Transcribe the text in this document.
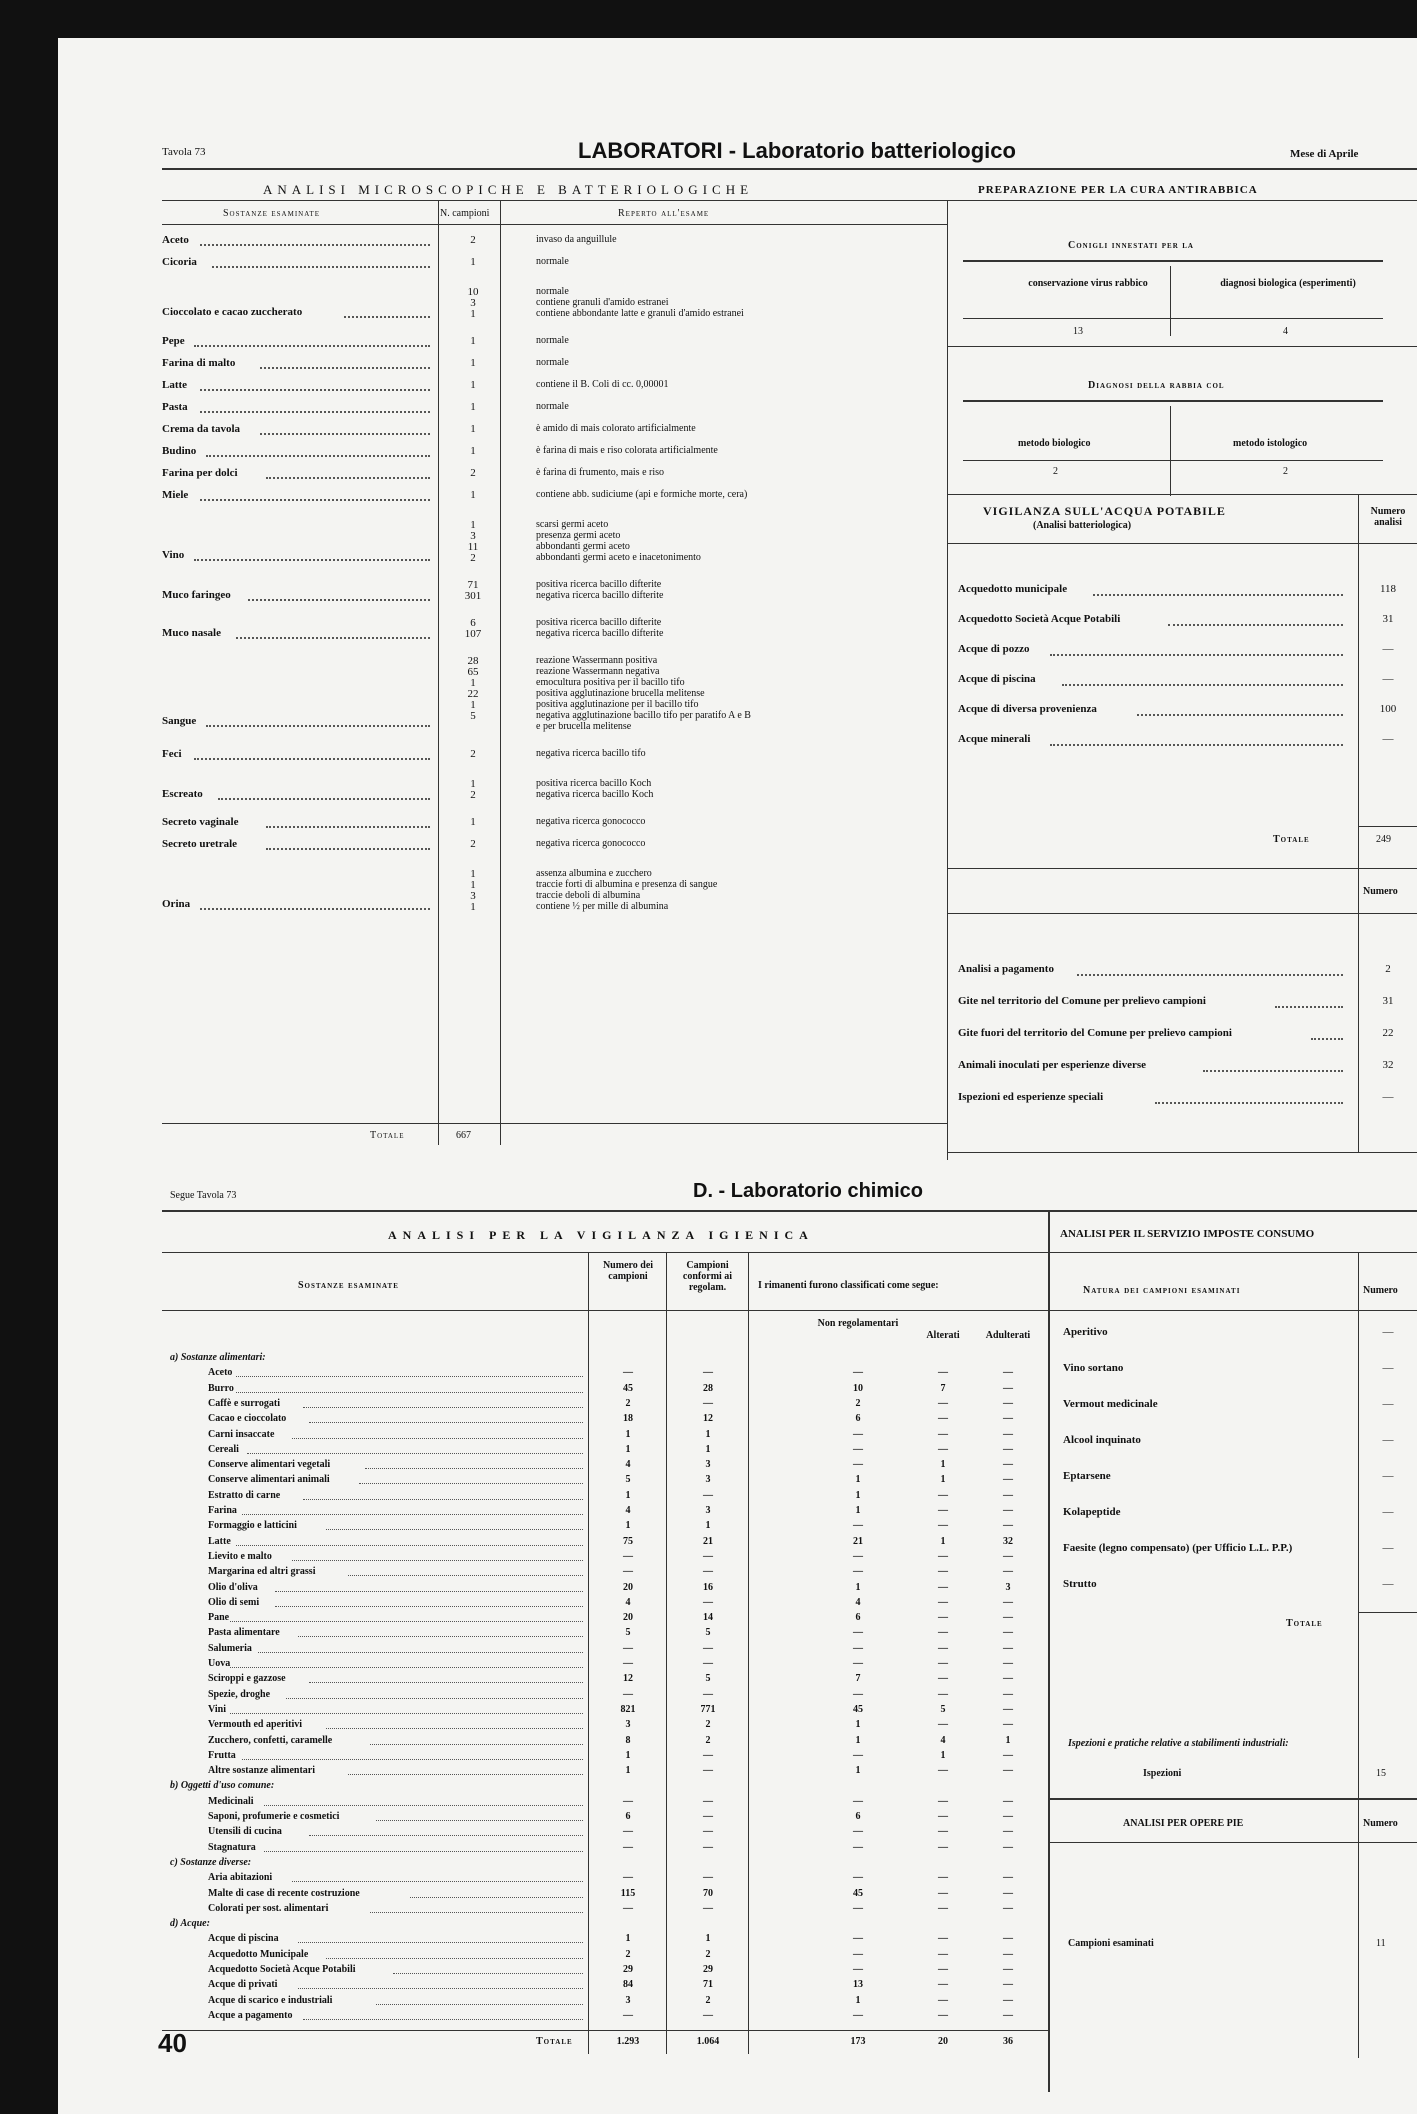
Tavola 73	LABORATORI - Laboratorio batteriologico	Mese di Aprile
ANALISI MICROSCOPICHE E BATTERIOLOGICHE	PREPARAZIONE PER LA CURA ANTIRABBICA
Sostanze esaminate	N. campioni	Reperto all'esame
Aceto	2	invaso da anguillule
Cicoria	1	normale
Cioccolato e cacao zuccherato
10	normale
3	contiene granuli d'amido estranei
1	contiene abbondante latte e granuli d'amido estranei
Pepe	1	normale
Farina di malto	1	normale
Latte	1	contiene il B. Coli di cc. 0,00001
Pasta	1	normale
Crema da tavola	1	è amido di mais colorato artificialmente
Budino	1	è farina di mais e riso colorata artificialmente
Farina per dolci	2	è farina di frumento, mais e riso
Miele	1	contiene abb. sudiciume (api e formiche morte, cera)
Vino
1	scarsi germi aceto
3	presenza germi aceto
11	abbondanti germi aceto
2	abbondanti germi aceto e inacetonimento
Muco faringeo
71	positiva ricerca bacillo difterite
301	negativa ricerca bacillo difterite
Muco nasale
6	positiva ricerca bacillo difterite
107	negativa ricerca bacillo difterite
Sangue
28	reazione Wassermann positiva
65	reazione Wassermann negativa
1	emocultura positiva per il bacillo tifo
22	positiva agglutinazione brucella melitense
1	positiva agglutinazione per il bacillo tifo
5	negativa agglutinazione bacillo tifo per paratifo A e B
e per brucella melitense
Feci	2	negativa ricerca bacillo tifo
Escreato
1	positiva ricerca bacillo Koch
2	negativa ricerca bacillo Koch
Secreto vaginale	1	negativa ricerca gonococco
Secreto uretrale	2	negativa ricerca gonococco
Orina
1	assenza albumina e zucchero
1	traccie forti di albumina e presenza di sangue
3	traccie deboli di albumina
1	contiene ½ per mille di albumina
Totale	667
Conigli innestati per la
conservazione virus rabbico	diagnosi biologica (esperimenti)
13	4
Diagnosi della rabbia col
metodo biologico	metodo istologico
2	2
VIGILANZA SULL'ACQUA POTABILE
(Analisi batteriologica)
Numero analisi
Acquedotto municipale	118
Acquedotto Società Acque Potabili	31
Acque di pozzo	—
Acque di piscina	—
Acque di diversa provenienza	100
Acque minerali	—
Totale	249
Numero
Analisi a pagamento	2
Gite nel territorio del Comune per prelievo campioni	31
Gite fuori del territorio del Comune per prelievo campioni	22
Animali inoculati per esperienze diverse	32
Ispezioni ed esperienze speciali	—
Segue Tavola 73	D. - Laboratorio chimico
ANALISI PER LA VIGILANZA IGIENICA	ANALISI PER IL SERVIZIO IMPOSTE CONSUMO
Sostanze esaminate
Numero dei campioni
Campioni conformi ai regolam.	I rimanenti furono classificati come segue:
Non regolamentari
Alterati	Adulterati
a) Sostanze alimentari:
Aceto	—	—	—	—	—
Burro	45	28	10	7	—
Caffè e surrogati	2	—	2	—	—
Cacao e cioccolato	18	12	6	—	—
Carni insaccate	1	1	—	—	—
Cereali	1	1	—	—	—
Conserve alimentari vegetali	4	3	—	1	—
Conserve alimentari animali	5	3	1	1	—
Estratto di carne	1	—	1	—	—
Farina	4	3	1	—	—
Formaggio e latticini	1	1	—	—	—
Latte	75	21	21	1	32
Lievito e malto	—	—	—	—	—
Margarina ed altri grassi	—	—	—	—	—
Olio d'oliva	20	16	1	—	3
Olio di semi	4	—	4	—	—
Pane	20	14	6	—	—
Pasta alimentare	5	5	—	—	—
Salumeria	—	—	—	—	—
Uova	—	—	—	—	—
Sciroppi e gazzose	12	5	7	—	—
Spezie, droghe	—	—	—	—	—
Vini	821	771	45	5	—
Vermouth ed aperitivi	3	2	1	—	—
Zucchero, confetti, caramelle	8	2	1	4	1
Frutta	1	—	—	1	—
Altre sostanze alimentari	1	—	1	—	—
b) Oggetti d'uso comune:
Medicinali	—	—	—	—	—
Saponi, profumerie e cosmetici	6	—	6	—	—
Utensili di cucina	—	—	—	—	—
Stagnatura	—	—	—	—	—
c) Sostanze diverse:
Aria abitazioni	—	—	—	—	—
Malte di case di recente costruzione	115	70	45	—	—
Colorati per sost. alimentari	—	—	—	—	—
d) Acque:
Acque di piscina	1	1	—	—	—
Acquedotto Municipale	2	2	—	—	—
Acquedotto Società Acque Potabili	29	29	—	—	—
Acque di privati	84	71	13	—	—
Acque di scarico e industriali	3	2	1	—	—
Acque a pagamento	—	—	—	—	—
Totale	1.293	1.064	173	20	36
Natura dei campioni esaminati	Numero
Aperitivo	—
Vino sortano	—
Vermout medicinale	—
Alcool inquinato	—
Eptarsene	—
Kolapeptide	—
Faesite (legno compensato) (per Ufficio L.L. P.P.)	—
Strutto	—
Totale
Ispezioni e pratiche relative a stabilimenti industriali:
Ispezioni	15
ANALISI PER OPERE PIE	Numero
Campioni esaminati	11
40
